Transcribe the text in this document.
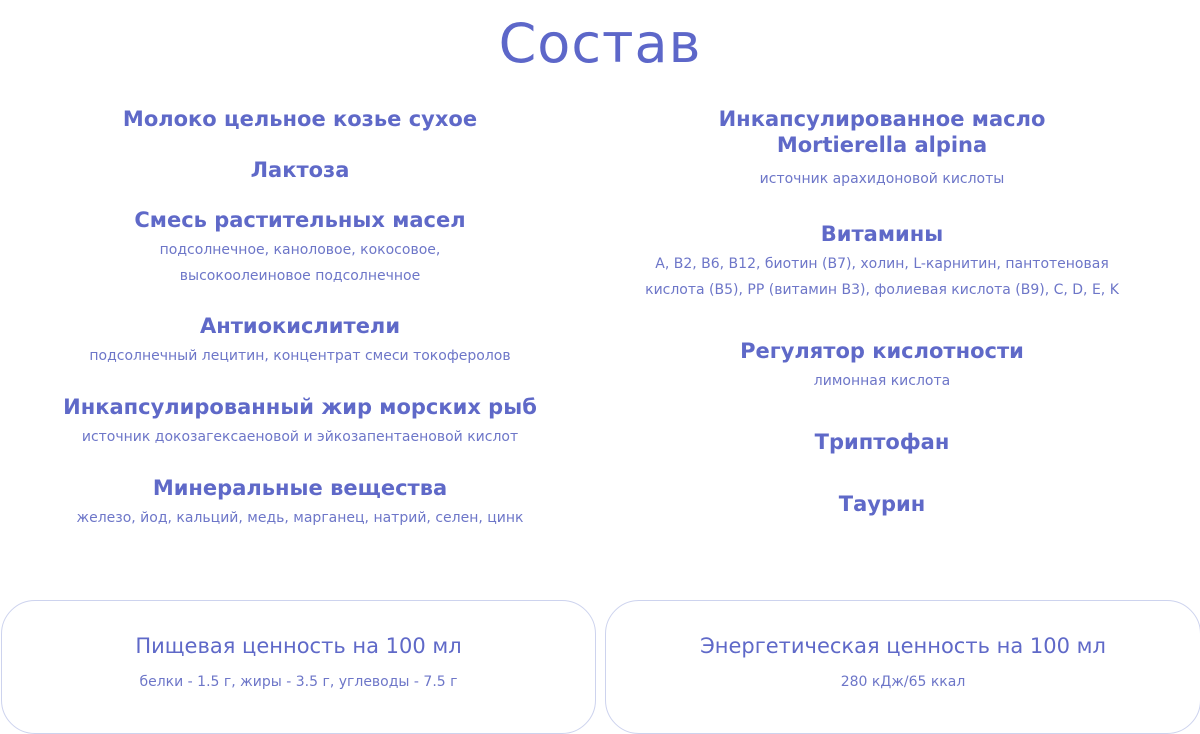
Состав
Молоко цельное козье сухое
Лактоза
Смесь растительных масел
подсолнечное, каноловое, кокосовое,
высокоолеиновое подсолнечное
Антиокислители
подсолнечный лецитин, концентрат смеси токоферолов
Инкапсулированный жир морских рыб
источник докозагексаеновой и эйкозапентаеновой кислот
Минеральные вещества
железо, йод, кальций, медь, марганец, натрий, селен, цинк
Инкапсулированное масло
Mortierella alpina
источник арахидоновой кислоты
Витамины
A, B2, B6, B12, биотин (B7), холин, L-карнитин, пантотеновая
кислота (B5), PP (витамин B3), фолиевая кислота (B9), C, D, E, K
Регулятор кислотности
лимонная кислота
Триптофан
Таурин
Пищевая ценность на 100 мл
белки - 1.5 г, жиры - 3.5 г, углеводы - 7.5 г
Энергетическая ценность на 100 мл
280 кДж/65 ккал
